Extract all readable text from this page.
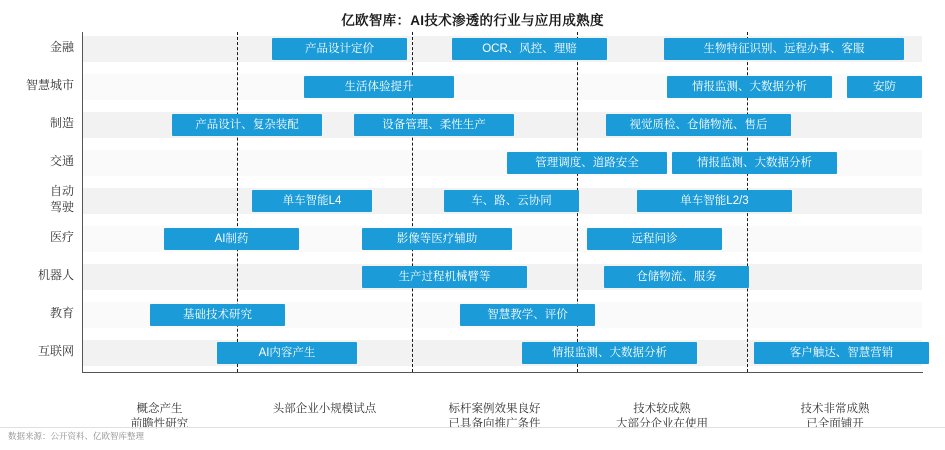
亿欧智库：AI技术渗透的行业与应用成熟度
产品设计定价	OCR、风控、理赔	生物特征识别、远程办事、客服
生活体验提升	情报监测、大数据分析	安防
产品设计、复杂装配	设备管理、柔性生产	视觉质检、仓储物流、售后
管理调度、道路安全	情报监测、大数据分析
单车智能L4	车、路、云协同	单车智能L2/3
AI制药	影像等医疗辅助	远程问诊
生产过程机械臂等	仓储物流、服务
基础技术研究	智慧教学、评价
AI内容产生	情报监测、大数据分析	客户触达、智慧营销
金融
智慧城市
制造
交通
自动
驾驶
医疗
机器人
教育
互联网
概念产生
前瞻性研究
头部企业小规模试点	标杆案例效果良好
已具备向推广条件
技术较成熟
大部分企业在使用
技术非常成熟
已全面铺开
数据来源：公开资料、亿欧智库整理
